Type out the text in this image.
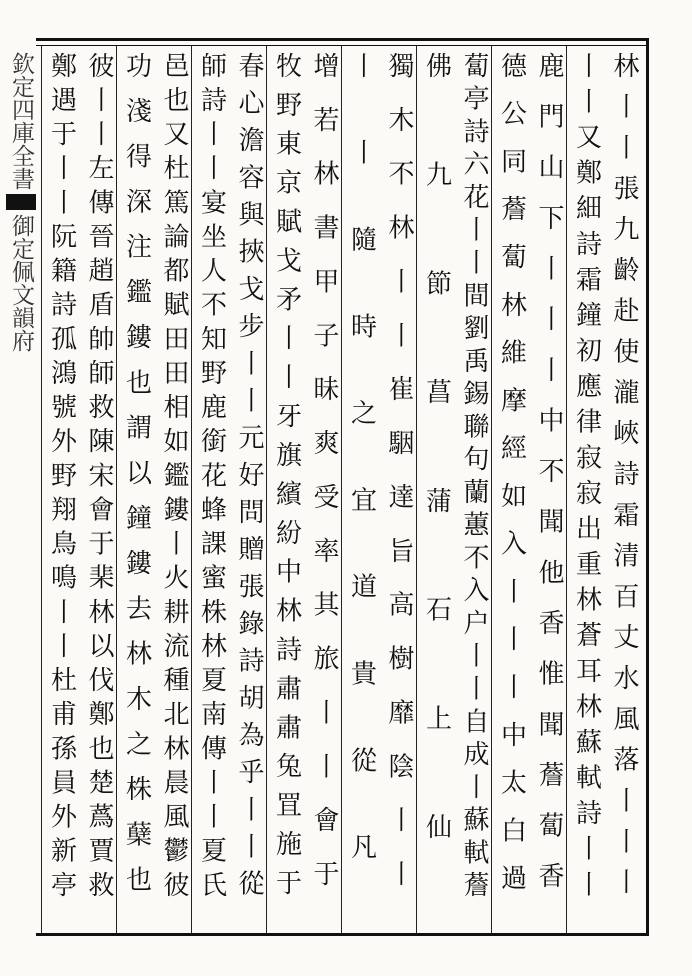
欽定四庫全書
御定佩文韻府	林丨丨張九齡赴使瀧峽詩霜清百丈水風落丨丨丨
丨丨又鄭細詩霜鐘初應律寂寂出重林蒼耳林蘇軾詩丨丨
鹿門山下丨丨丨中不聞他香惟聞薝蔔香
德公同薝蔔林維摩經如入丨丨丨中太白過
蔔亭詩六花丨丨間劉禹錫聯句蘭蕙不入户丨丨自成丨蘇軾薝
佛九節菖蒲石上仙
獨木不林丨丨崔駰達旨高樹靡陰丨丨
丨丨隨時之宜道貴從凡
增若林書甲子昧爽受率其旅丨丨會于
牧野東京賦戈矛丨丨牙旗繽紛中林詩肅肅兔罝施于
春心澹容與挾戈步丨丨元好問贈張錄詩胡為乎丨丨從
師詩丨丨宴坐人不知野鹿銜花蜂課蜜株林夏南傳丨丨夏氏
邑也又杜篤論都賦田田相如鑑鏤丨火耕流種北林晨風鬱彼
功淺得深注鑑鏤也謂以鐘鏤去林木之株蘖也
彼丨丨左傳晉趙盾帥師救陳宋會于棐林以伐鄭也楚蔿賈救
鄭遇于丨丨阮籍詩孤鴻號外野翔鳥鳴丨丨杜甫孫員外新亭
